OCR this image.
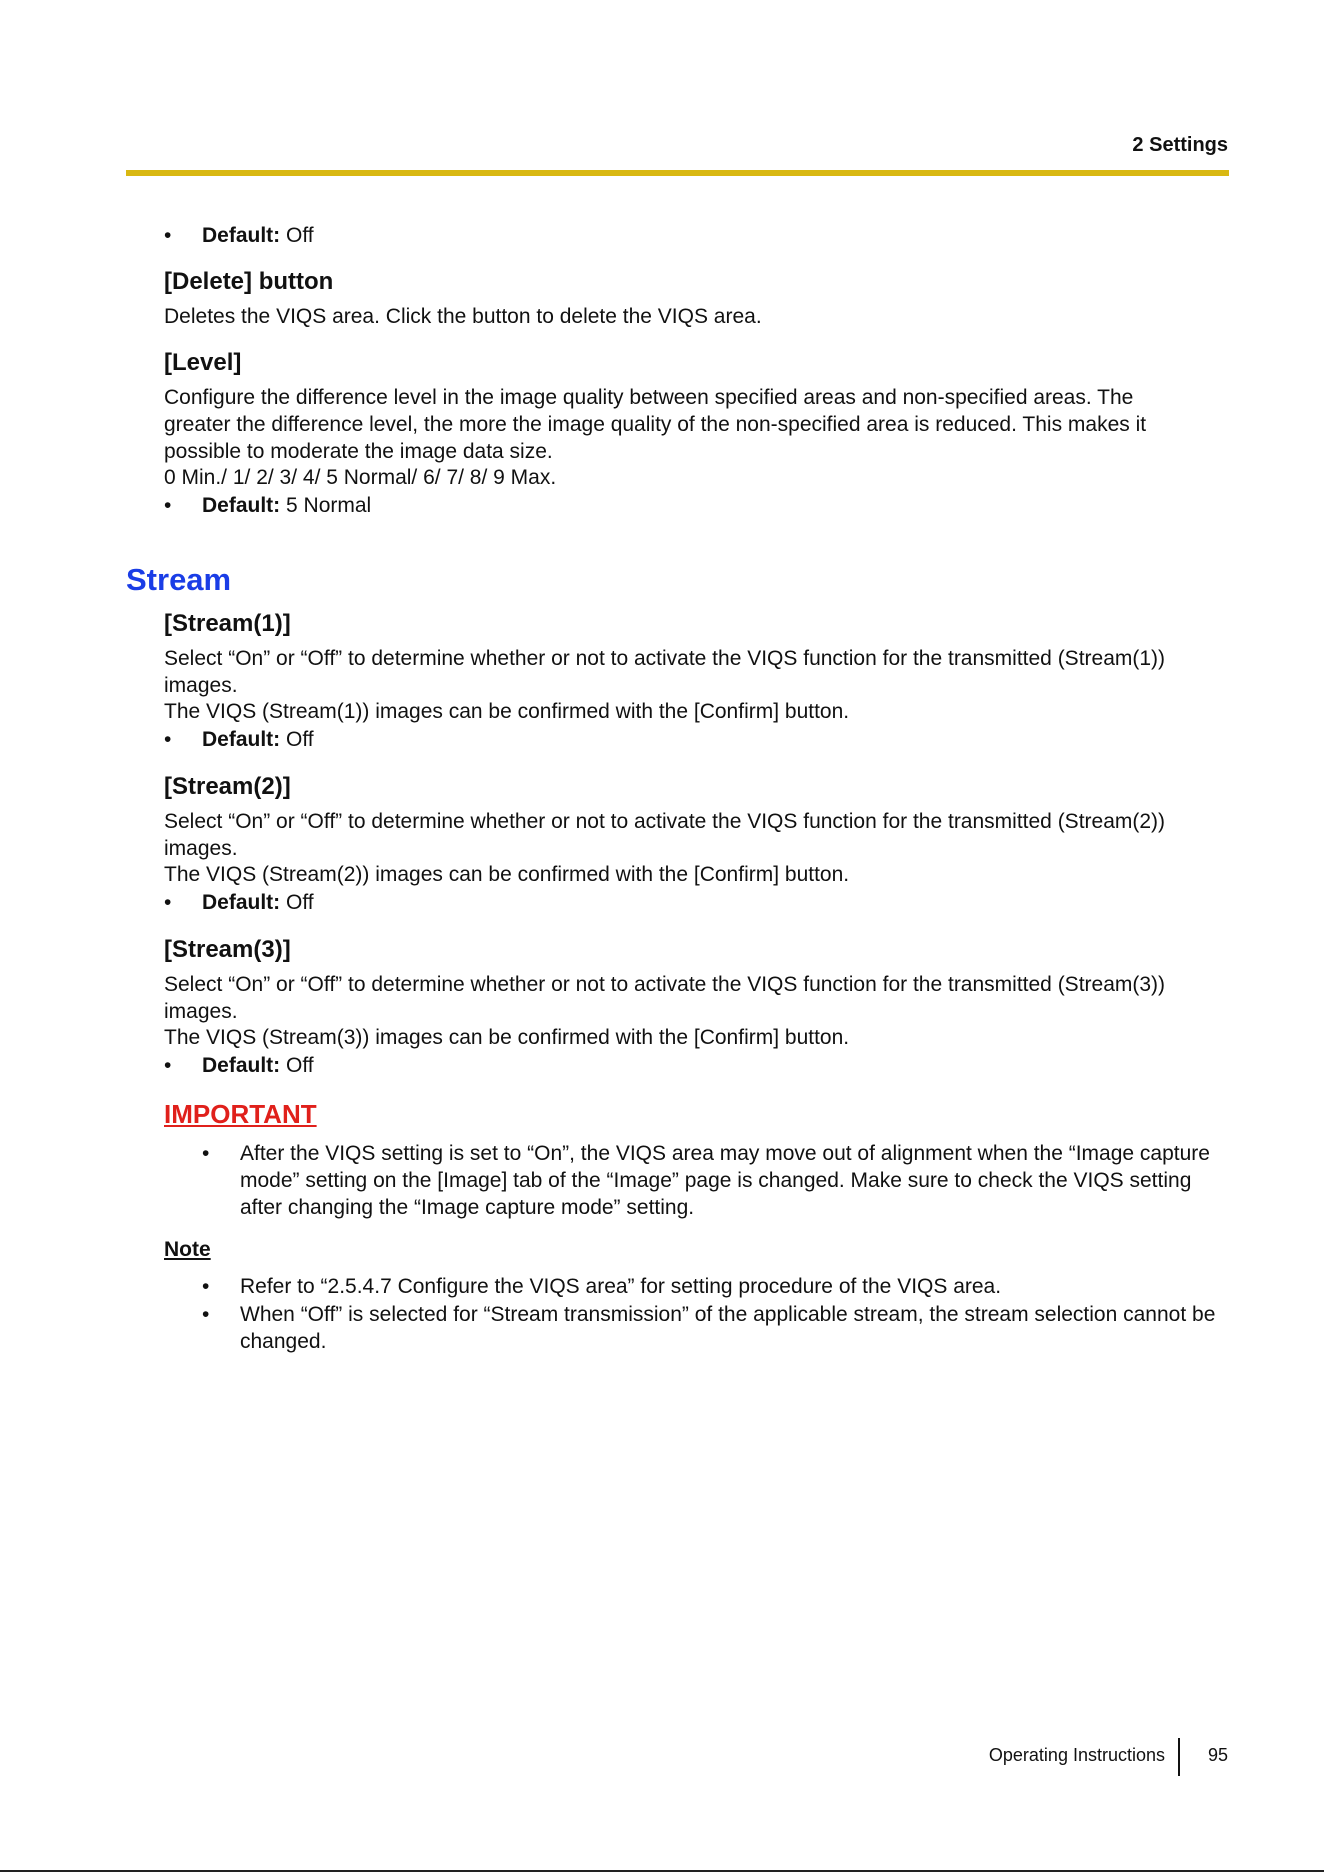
2 Settings
• Default: Off
[Delete] button
Deletes the VIQS area. Click the button to delete the VIQS area.
[Level]
Configure the difference level in the image quality between specified areas and non-specified areas. The
greater the difference level, the more the image quality of the non-specified area is reduced. This makes it
possible to moderate the image data size.
0 Min./ 1/ 2/ 3/ 4/ 5 Normal/ 6/ 7/ 8/ 9 Max.
• Default: 5 Normal
Stream
[Stream(1)]
Select “On” or “Off” to determine whether or not to activate the VIQS function for the transmitted (Stream(1))
images.
The VIQS (Stream(1)) images can be confirmed with the [Confirm] button.
• Default: Off
[Stream(2)]
Select “On” or “Off” to determine whether or not to activate the VIQS function for the transmitted (Stream(2))
images.
The VIQS (Stream(2)) images can be confirmed with the [Confirm] button.
• Default: Off
[Stream(3)]
Select “On” or “Off” to determine whether or not to activate the VIQS function for the transmitted (Stream(3))
images.
The VIQS (Stream(3)) images can be confirmed with the [Confirm] button.
• Default: Off
IMPORTANT
• After the VIQS setting is set to “On”, the VIQS area may move out of alignment when the “Image capture mode” setting on the [Image] tab of the “Image” page is changed. Make sure to check the VIQS setting after changing the “Image capture mode” setting.
Note
• Refer to “2.5.4.7 Configure the VIQS area” for setting procedure of the VIQS area.
• When “Off” is selected for “Stream transmission” of the applicable stream, the stream selection cannot be changed.
Operating Instructions 95
